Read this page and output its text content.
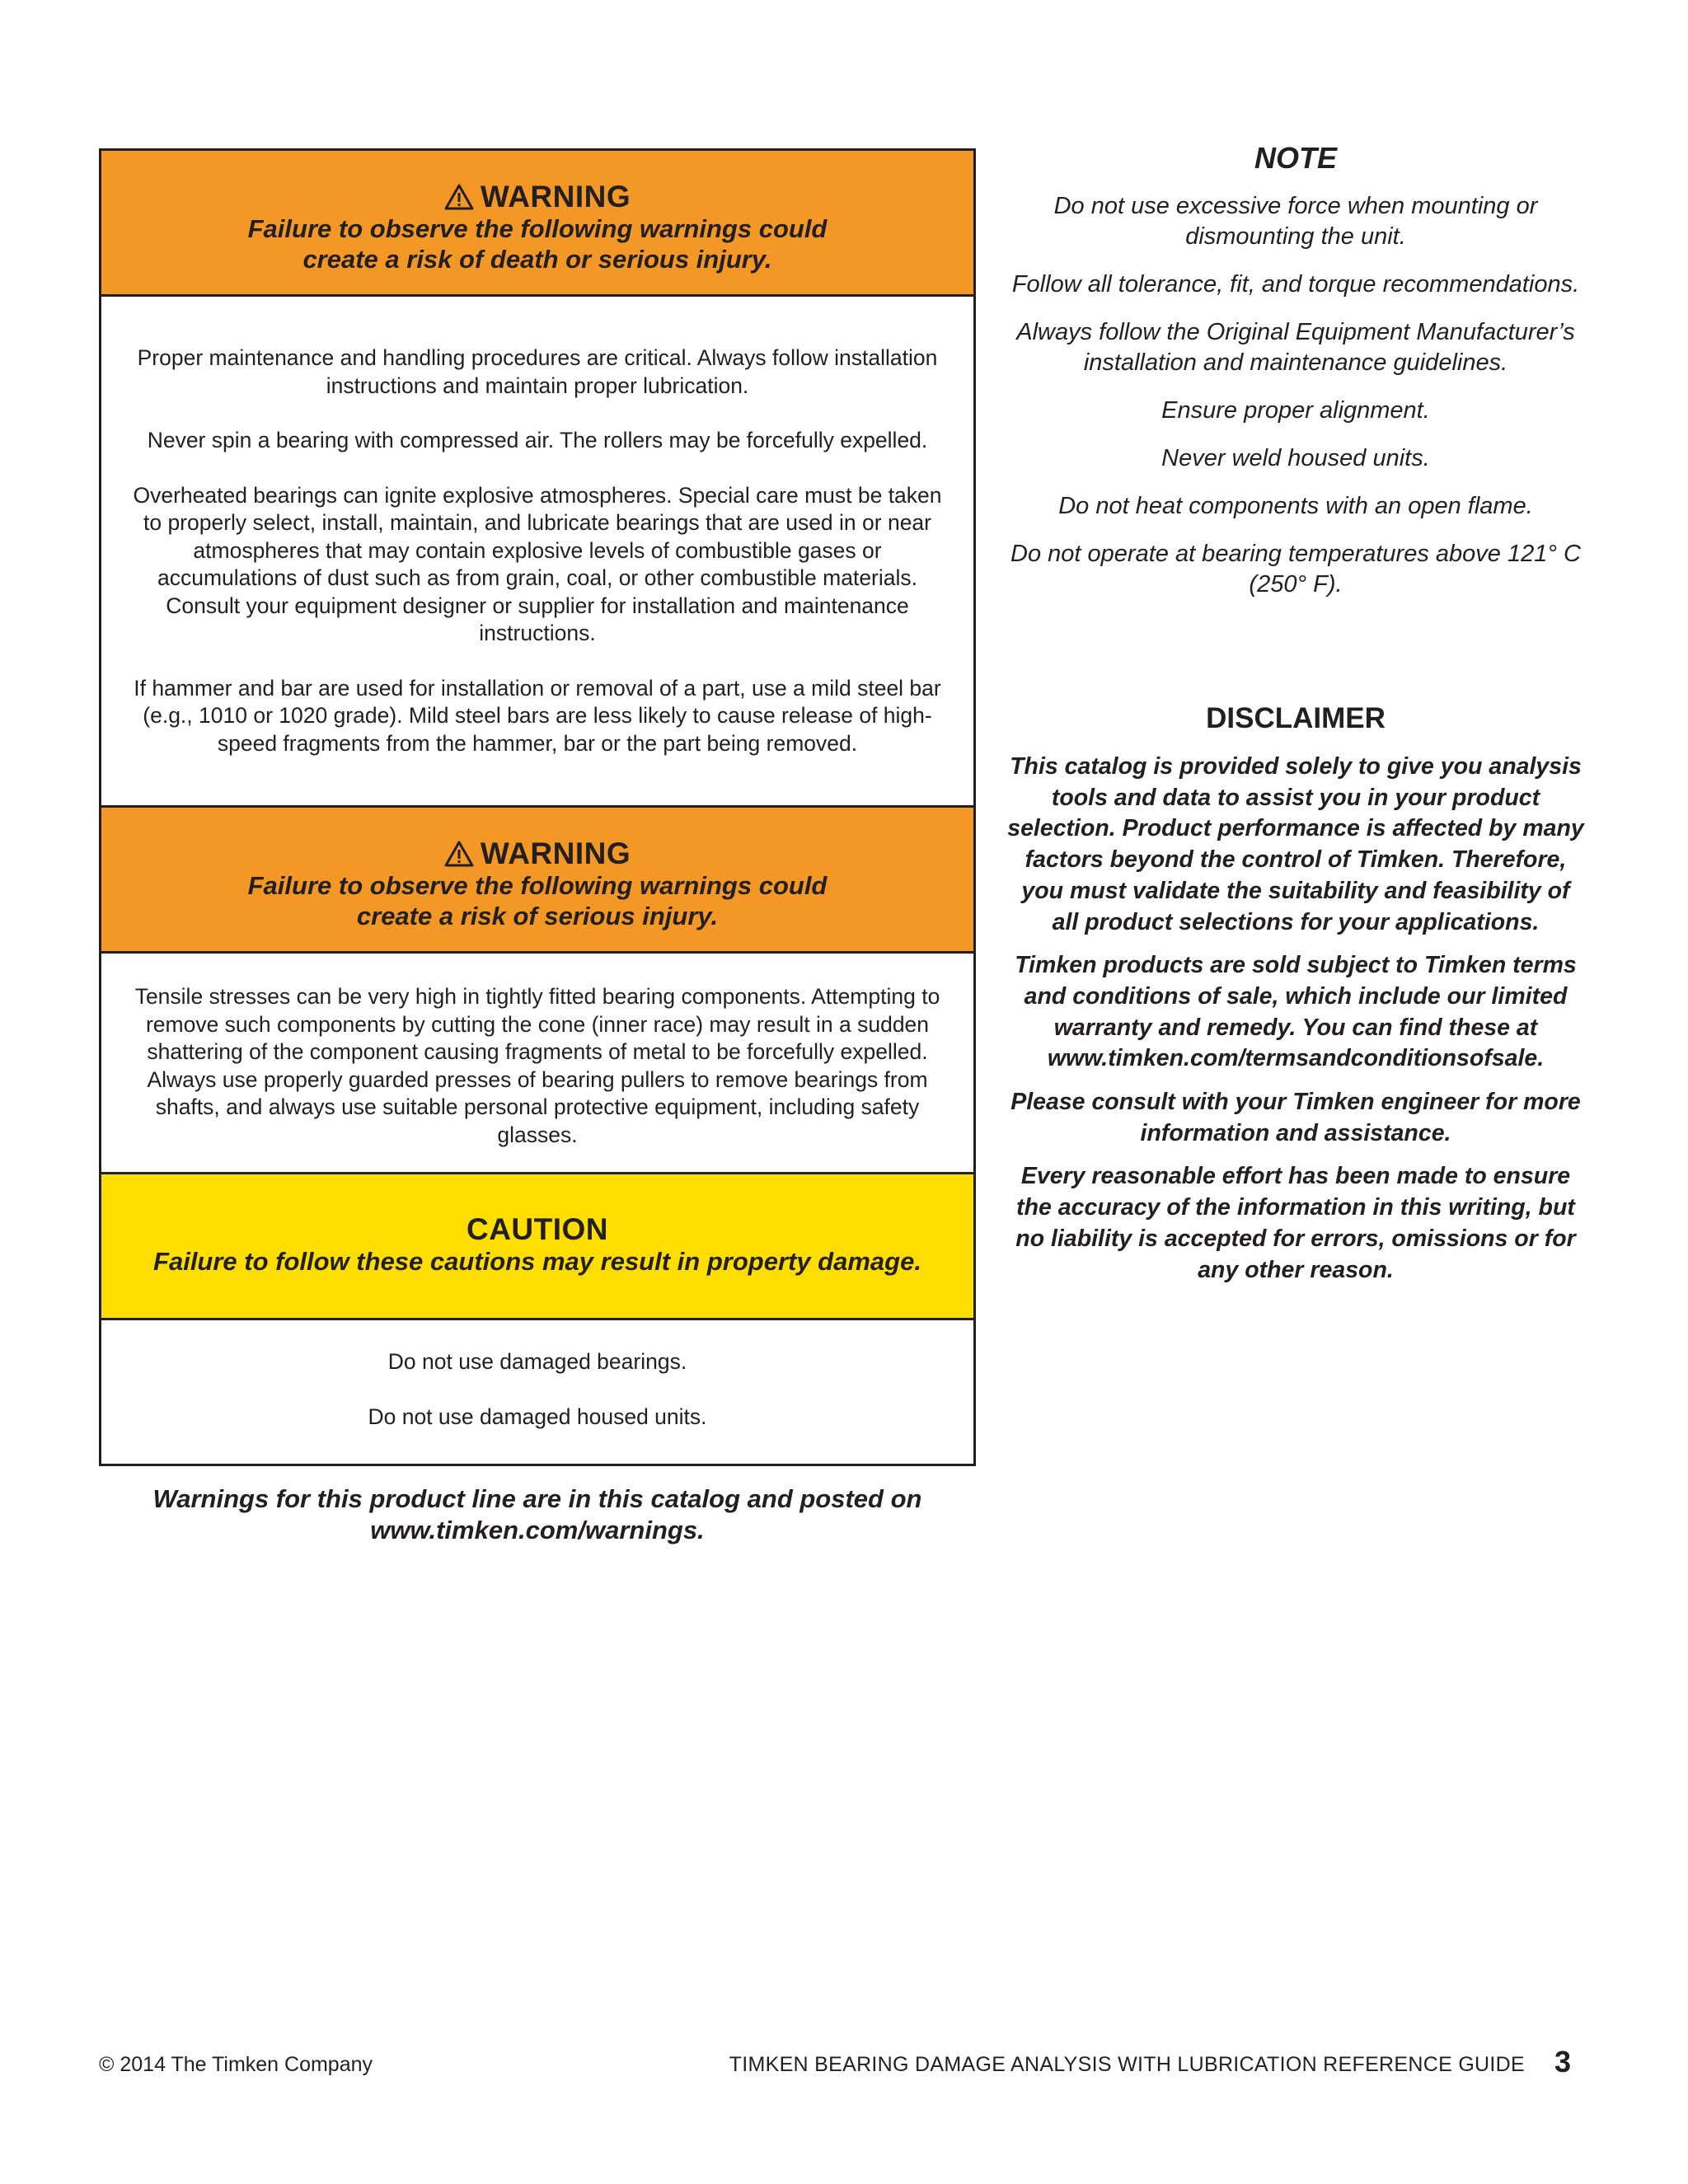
WARNING
Failure to observe the following warnings could
create a risk of death or serious injury.

Proper maintenance and handling procedures are critical. Always follow installation instructions and maintain proper lubrication.

Never spin a bearing with compressed air. The rollers may be forcefully expelled.

Overheated bearings can ignite explosive atmospheres. Special care must be taken to properly select, install, maintain, and lubricate bearings that are used in or near atmospheres that may contain explosive levels of combustible gases or accumulations of dust such as from grain, coal, or other combustible materials. Consult your equipment designer or supplier for installation and maintenance instructions.

If hammer and bar are used for installation or removal of a part, use a mild steel bar (e.g., 1010 or 1020 grade). Mild steel bars are less likely to cause release of high-speed fragments from the hammer, bar or the part being removed.

WARNING
Failure to observe the following warnings could
create a risk of serious injury.

Tensile stresses can be very high in tightly fitted bearing components. Attempting to remove such components by cutting the cone (inner race) may result in a sudden shattering of the component causing fragments of metal to be forcefully expelled. Always use properly guarded presses of bearing pullers to remove bearings from shafts, and always use suitable personal protective equipment, including safety glasses.

CAUTION
Failure to follow these cautions may result in property damage.

Do not use damaged bearings.

Do not use damaged housed units.

Warnings for this product line are in this catalog and posted on
www.timken.com/warnings.
NOTE

Do not use excessive force when mounting or dismounting the unit.

Follow all tolerance, fit, and torque recommendations.

Always follow the Original Equipment Manufacturer’s installation and maintenance guidelines.

Ensure proper alignment.

Never weld housed units.

Do not heat components with an open flame.

Do not operate at bearing temperatures above 121° C (250° F).

DISCLAIMER

This catalog is provided solely to give you analysis tools and data to assist you in your product selection. Product performance is affected by many factors beyond the control of Timken. Therefore, you must validate the suitability and feasibility of all product selections for your applications.

Timken products are sold subject to Timken terms and conditions of sale, which include our limited warranty and remedy. You can find these at www.timken.com/termsandconditionsofsale.

Please consult with your Timken engineer for more information and assistance.

Every reasonable effort has been made to ensure the accuracy of the information in this writing, but no liability is accepted for errors, omissions or for any other reason.

© 2014 The Timken Company	TIMKEN BEARING DAMAGE ANALYSIS WITH LUBRICATION REFERENCE GUIDE 3
